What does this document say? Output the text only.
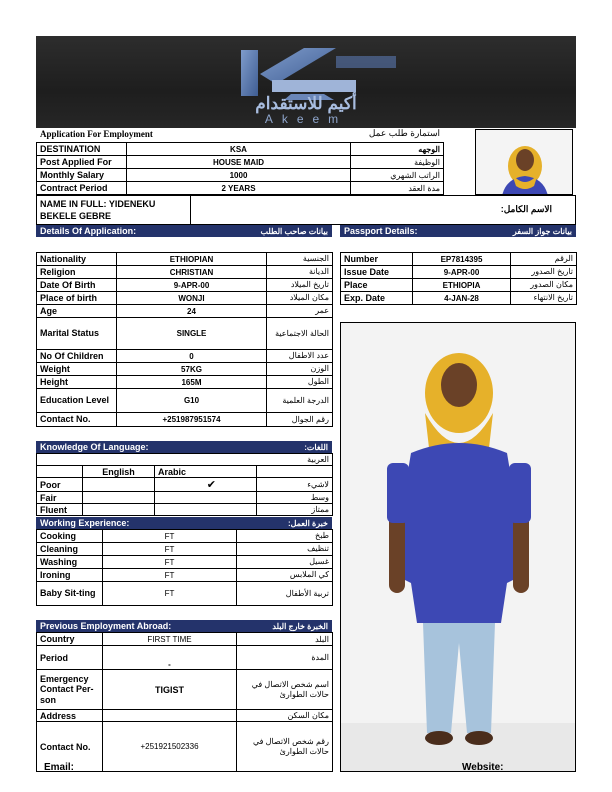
أكيم للاستقدام
Akeem
Application For Employment	استمارة طلب عمل
DESTINATION	KSA	الوجهه
Post Applied For	HOUSE MAID	الوظيفة
Monthly Salary	1000	الراتب الشهري
Contract Period	2 YEARS	مدة العقد
NAME IN FULL: YIDENEKU BEKELE GEBRE
الاسم الكامل:
Details Of Application:	بيانات صاحب الطلب Passport Details:	بيانات جواز السفر
Nationality	ETHIOPIAN	الجنسية
Religion	CHRISTIAN	الديانة
Date Of Birth	9-APR-00	تاريخ الميلاد
Place of birth	WONJI	مكان الميلاد
Age	24	عمر
Marital Status	SINGLE	الحالة الاجتماعية
No Of Children	0	عدد الاطفال
Weight	57KG	الوزن
Height	165M	الطول
Education Level	G10	الدرجة العلمية
Contact No.	+251987951574	رقم الجوال
Number	EP7814395	الرقم
Issue Date	9-APR-00	تاريخ الصدور
Place	ETHIOPIA	مكان الصدور
Exp. Date	4-JAN-28	تاريخ الانتهاء
Knowledge Of Language:	اللغات:
العربية			
	English	Arabic	
Poor		✔	لاشيء
Fair			وسط
Fluent			ممتاز
Working Experience:	خبرة العمل:
Cooking	FT	طبخ
Cleaning	FT	تنظيف
Washing	FT	غسيل
Ironing	FT	كي الملابس
Baby Sit-ting	FT	تربية الأطفال
Previous Employment Abroad:	الخبرة خارج البلد
Country	FIRST TIME	البلد
Period	-	المدة
Emergency Contact Per-son	TIGIST	اسم شخص الاتصال في حالات الطوارئ
Address		مكان السكن
Contact No.	+251921502336	رقم شخص الاتصال في حالات الطوارئ
Email:	Website:
